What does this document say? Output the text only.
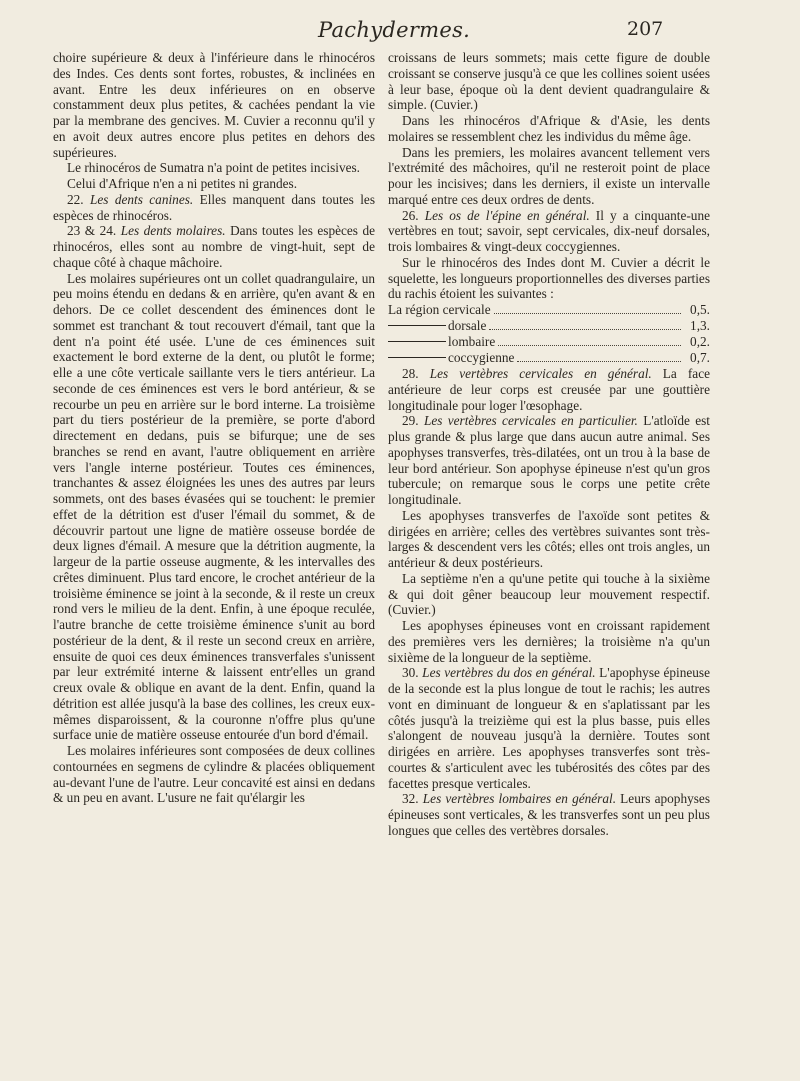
Pachydermes.	207

choire supérieure & deux à l'inférieure dans le rhinocéros des Indes. Ces dents sont fortes, robustes, & inclinées en avant. Entre les deux inférieures on en observe constamment deux plus petites, & cachées pendant la vie par la membrane des gencives. M. Cuvier a reconnu qu'il y en avoit deux autres encore plus petites en dehors des supérieures.

Le rhinocéros de Sumatra n'a point de petites incisives.

Celui d'Afrique n'en a ni petites ni grandes.

22. Les dents canines. Elles manquent dans toutes les espèces de rhinocéros.

23 & 24. Les dents molaires. Dans toutes les espèces de rhinocéros, elles sont au nombre de vingt-huit, sept de chaque côté à chaque mâchoire.

Les molaires supérieures ont un collet quadrangulaire, un peu moins étendu en dedans & en arrière, qu'en avant & en dehors. De ce collet descendent des éminences dont le sommet est tranchant & tout recouvert d'émail, tant que la dent n'a point été usée. L'une de ces éminences suit exactement le bord externe de la dent, ou plutôt le forme; elle a une côte verticale saillante vers le tiers antérieur. La seconde de ces éminences est vers le bord antérieur, & se recourbe un peu en arrière sur le bord interne. La troisième part du tiers postérieur de la première, se porte d'abord directement en dedans, puis se bifurque; une de ses branches se rend en avant, l'autre obliquement en arrière vers l'angle interne postérieur. Toutes ces éminences, tranchantes & assez éloignées les unes des autres par leurs sommets, ont des bases évasées qui se touchent: le premier effet de la détrition est d'user l'émail du sommet, & de découvrir partout une ligne de matière osseuse bordée de deux lignes d'émail. A mesure que la détrition augmente, la largeur de la partie osseuse augmente, & les intervalles des crêtes diminuent. Plus tard encore, le crochet antérieur de la troisième éminence se joint à la seconde, & il reste un creux rond vers le milieu de la dent. Enfin, à une époque reculée, l'autre branche de cette troisième éminence s'unit au bord postérieur de la dent, & il reste un second creux en arrière, ensuite de quoi ces deux éminences transverfales s'unissent par leur extrémité interne & laissent entr'elles un grand creux ovale & oblique en avant de la dent. Enfin, quand la détrition est allée jusqu'à la base des collines, les creux eux-mêmes disparoissent, & la couronne n'offre plus qu'une surface unie de matière osseuse entourée d'un bord d'émail.

Les molaires inférieures sont composées de deux collines contournées en segmens de cylindre & placées obliquement au-devant l'une de l'autre. Leur concavité est ainsi en dedans & un peu en avant. L'usure ne fait qu'élargir les

croissans de leurs sommets; mais cette figure de double croissant se conserve jusqu'à ce que les collines soient usées à leur base, époque où la dent devient quadrangulaire & simple. (Cuvier.)

Dans les rhinocéros d'Afrique & d'Asie, les dents molaires se ressemblent chez les individus du même âge.

Dans les premiers, les molaires avancent tellement vers l'extrémité des mâchoires, qu'il ne resteroit point de place pour les incisives; dans les derniers, il existe un intervalle marqué entre ces deux ordres de dents.

26. Les os de l'épine en général. Il y a cinquante-une vertèbres en tout; savoir, sept cervicales, dix-neuf dorsales, trois lombaires & vingt-deux coccygiennes.

Sur le rhinocéros des Indes dont M. Cuvier a décrit le squelette, les longueurs proportionnelles des diverses parties du rachis étoient les suivantes :

La région cervicale	0,5.
dorsale	1,3.
lombaire	0,2.
coccygienne	0,7.

28. Les vertèbres cervicales en général. La face antérieure de leur corps est creusée par une gouttière longitudinale pour loger l'œsophage.

29. Les vertèbres cervicales en particulier. L'atloïde est plus grande & plus large que dans aucun autre animal. Ses apophyses transverfes, très-dilatées, ont un trou à la base de leur bord antérieur. Son apophyse épineuse n'est qu'un gros tubercule; on remarque sous le corps une petite crête longitudinale.

Les apophyses transverfes de l'axoïde sont petites & dirigées en arrière; celles des vertèbres suivantes sont très-larges & descendent vers les côtés; elles ont trois angles, un antérieur & deux postérieurs.

La septième n'en a qu'une petite qui touche à la sixième & qui doit gêner beaucoup leur mouvement respectif. (Cuvier.)

Les apophyses épineuses vont en croissant rapidement des premières vers les dernières; la troisième n'a qu'un sixième de la longueur de la septième.

30. Les vertèbres du dos en général. L'apophyse épineuse de la seconde est la plus longue de tout le rachis; les autres vont en diminuant de longueur & en s'aplatissant par les côtés jusqu'à la treizième qui est la plus basse, puis elles s'alongent de nouveau jusqu'à la dernière. Toutes sont dirigées en arrière. Les apophyses transverfes sont très-courtes & s'articulent avec les tubérosités des côtes par des facettes presque verticales.

32. Les vertèbres lombaires en général. Leurs apophyses épineuses sont verticales, & les transverfes sont un peu plus longues que celles des vertèbres dorsales.
